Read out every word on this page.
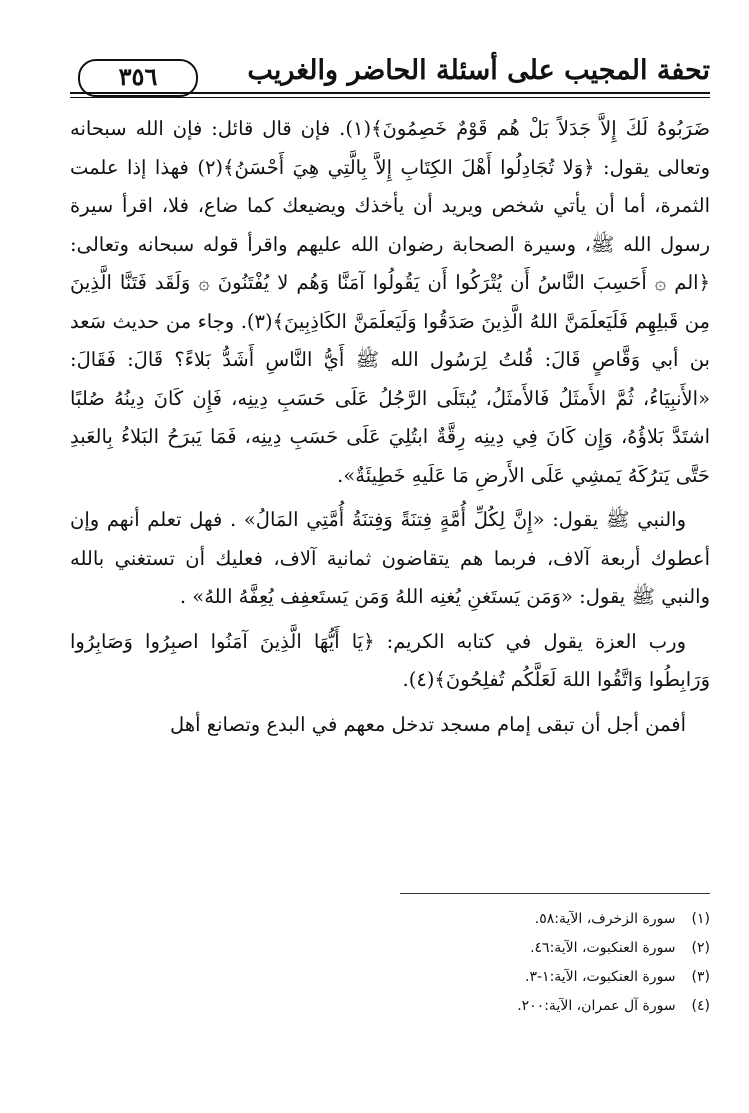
٣٥٦	تحفة المجيب على أسئلة الحاضر والغريب

ضَرَبُوهُ لَكَ إِلاَّ جَدَلاً بَلْ هُم قَوْمٌ خَصِمُونَ﴾(١). فإن قال قائل: فإن الله سبحانه وتعالى يقول: ﴿وَلا تُجَادِلُوا أَهْلَ الكِتَابِ إِلاَّ بِالَّتِي هِيَ أَحْسَنُ﴾(٢) فهذا إذا علمت الثمرة، أما أن يأتي شخص ويريد أن يأخذك ويضيعك كما ضاع، فلا، اقرأ سيرة رسول الله ﷺ، وسيرة الصحابة رضوان الله عليهم واقرأ قوله سبحانه وتعالى: ﴿الم ۞ أَحَسِبَ النَّاسُ أَن يُتْرَكُوا أَن يَقُولُوا آمَنَّا وَهُم لا يُفْتَنُونَ ۞ وَلَقَد فَتَنَّا الَّذِينَ مِن قَبلِهِم فَلَيَعلَمَنَّ اللهُ الَّذِينَ صَدَقُوا وَلَيَعلَمَنَّ الكَاذِبِينَ﴾(٣). وجاء من حديث سَعد بن أبي وَقَّاصٍ قَالَ: قُلتُ لِرَسُول الله ﷺ أَيُّ النَّاسِ أَشَدُّ بَلاءً؟ قَالَ: فَقَالَ: «الأَنبِيَاءُ، ثُمَّ الأَمثَلُ فَالأَمثَلُ، يُبتَلَى الرَّجُلُ عَلَى حَسَبِ دِينِه، فَإِن كَانَ دِينُهُ صُلبًا اشتَدَّ بَلاؤُهُ، وَإِن كَانَ فِي دِينِه رِقَّةٌ ابتُلِيَ عَلَى حَسَبِ دِينِه، فَمَا يَبرَحُ البَلاءُ بِالعَبدِ حَتَّى يَترُكَهُ يَمشِي عَلَى الأَرضِ مَا عَلَيهِ خَطِيئَةٌ».

والنبي ﷺ يقول: «إِنَّ لِكُلِّ أُمَّةٍ فِتنَةً وَفِتنَةُ أُمَّتِي المَالُ» . فهل تعلم أنهم وإن أعطوك أربعة آلاف، فربما هم يتقاضون ثمانية آلاف، فعليك أن تستغني بالله والنبي ﷺ يقول: «وَمَن يَستَغنِ يُغنِه اللهُ وَمَن يَستَعفِف يُعِفَّهُ اللهُ» .

ورب العزة يقول في كتابه الكريم: ﴿يَا أَيُّهَا الَّذِينَ آمَنُوا اصبِرُوا وَصَابِرُوا وَرَابِطُوا وَاتَّقُوا اللهَ لَعَلَّكُم تُفلِحُونَ﴾(٤).

أفمن أجل أن تبقى إمام مسجد تدخل معهم في البدع وتصانع أهل

(١) سورة الزخرف، الآية:٥٨.
(٢) سورة العنكبوت، الآية:٤٦.
(٣) سورة العنكبوت، الآية:١-٣.
(٤) سورة آل عمران، الآية:٢٠٠.
